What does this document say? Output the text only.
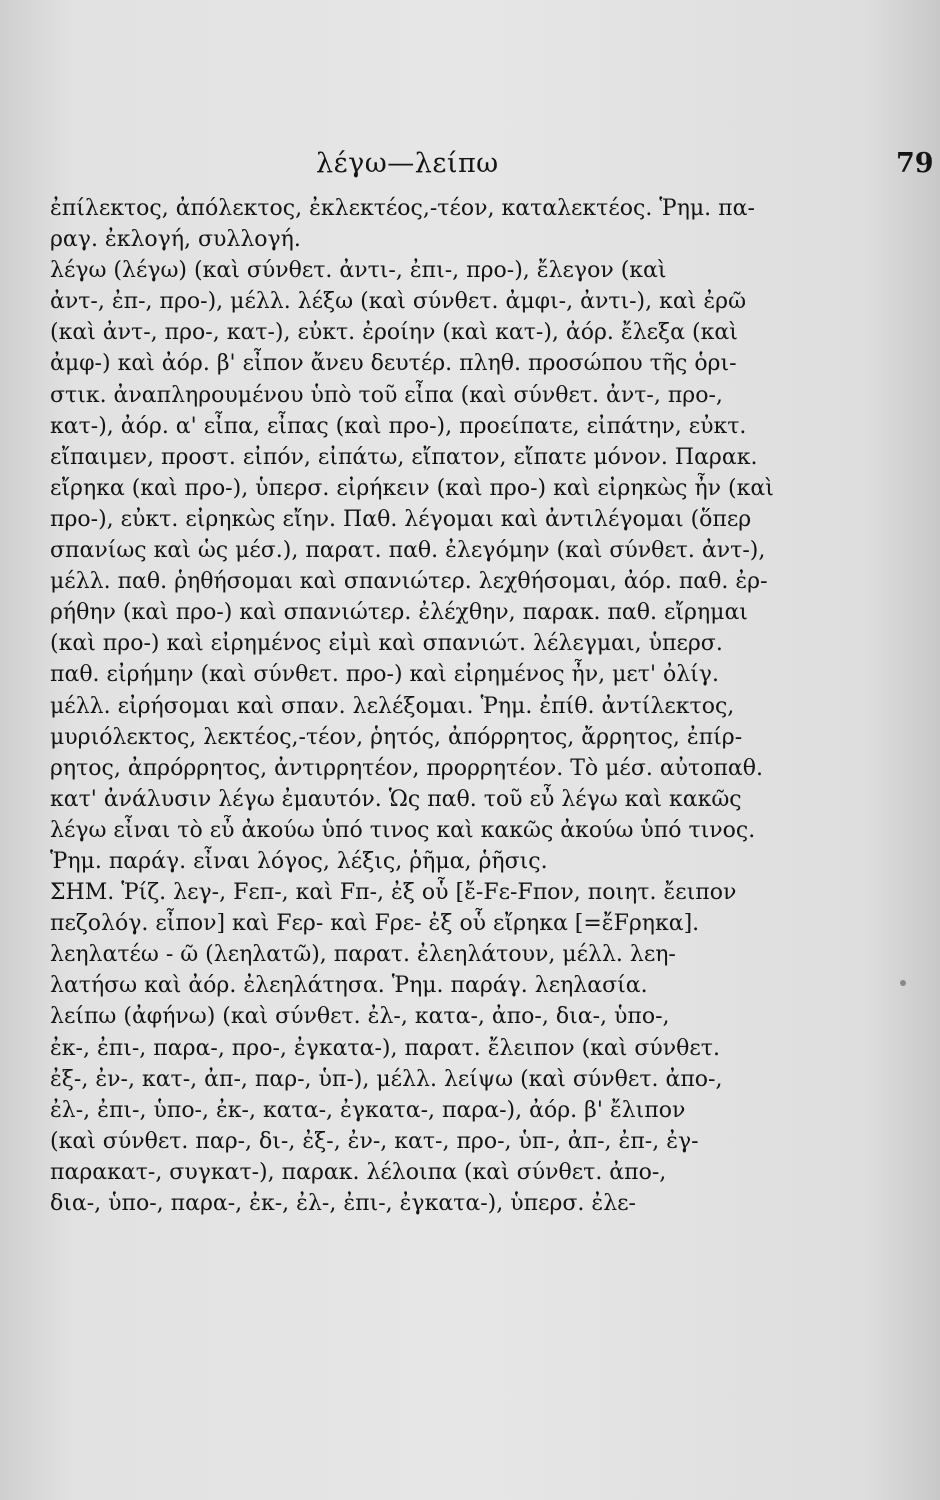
λέγω—λείπω	79
ἐπίλεκτος, ἀπόλεκτος, ἐκλεκτέος,-τέον, καταλεκτέος. Ῥημ. πα-
ραγ. ἐκλογή, συλλογή.
λέγω (λέγω) (καὶ σύνθετ. ἀντι-, ἐπι-, προ-), ἔλεγον (καὶ
ἀντ-, ἐπ-, προ-), μέλλ. λέξω (καὶ σύνθετ. ἀμφι-, ἀντι-), καὶ ἐρῶ
(καὶ ἀντ-, προ-, κατ-), εὐκτ. ἐροίην (καὶ κατ-), ἀόρ. ἔλεξα (καὶ
ἀμφ-) καὶ ἀόρ. β' εἶπον ἄνευ δευτέρ. πληθ. προσώπου τῆς ὁρι-
στικ. ἀναπληρουμένου ὑπὸ τοῦ εἶπα (καὶ σύνθετ. ἀντ-, προ-,
κατ-), ἀόρ. α' εἶπα, εἶπας (καὶ προ-), προείπατε, εἰπάτην, εὐκτ.
εἴπαιμεν, προστ. εἰπόν, εἰπάτω, εἴπατον, εἴπατε μόνον. Παρακ.
εἴρηκα (καὶ προ-), ὑπερσ. εἰρήκειν (καὶ προ-) καὶ εἰρηκὼς ἦν (καὶ
προ-), εὐκτ. εἰρηκὼς εἴην. Παθ. λέγομαι καὶ ἀντιλέγομαι (ὅπερ
σπανίως καὶ ὡς μέσ.), παρατ. παθ. ἐλεγόμην (καὶ σύνθετ. ἀντ-),
μέλλ. παθ. ῥηθήσομαι καὶ σπανιώτερ. λεχθήσομαι, ἀόρ. παθ. ἐρ-
ρήθην (καὶ προ-) καὶ σπανιώτερ. ἐλέχθην, παρακ. παθ. εἴρημαι
(καὶ προ-) καὶ εἰρημένος εἰμὶ καὶ σπανιώτ. λέλεγμαι, ὑπερσ.
παθ. εἰρήμην (καὶ σύνθετ. προ-) καὶ εἰρημένος ἦν, μετ' ὀλίγ.
μέλλ. εἰρήσομαι καὶ σπαν. λελέξομαι. Ῥημ. ἐπίθ. ἀντίλεκτος,
μυριόλεκτος, λεκτέος,-τέον, ῥητός, ἀπόρρητος, ἄρρητος, ἐπίρ-
ρητος, ἀπρόρρητος, ἀντιρρητέον, προρρητέον. Τὸ μέσ. αὐτοπαθ.
κατ' ἀνάλυσιν λέγω ἐμαυτόν. Ὡς παθ. τοῦ εὖ λέγω καὶ κακῶς
λέγω εἶναι τὸ εὖ ἀκούω ὑπό τινος καὶ κακῶς ἀκούω ὑπό τινος.
Ῥημ. παράγ. εἶναι λόγος, λέξις, ῥῆμα, ῥῆσις.
ΣΗΜ. Ῥίζ. λεγ-, Fεπ-, καὶ Fπ-, ἐξ οὗ [ἔ-Fε-Fπον, ποιητ. ἔειπον
πεζολόγ. εἶπον] καὶ Fερ- καὶ Fρε- ἐξ οὗ εἴρηκα [=ἔFρηκα].
λεηλατέω - ῶ (λεηλατῶ), παρατ. ἐλεηλάτουν, μέλλ. λεη-
λατήσω καὶ ἀόρ. ἐλεηλάτησα. Ῥημ. παράγ. λεηλασία.
λείπω (ἀφήνω) (καὶ σύνθετ. ἐλ-, κατα-, ἀπο-, δια-, ὑπο-,
ἐκ-, ἐπι-, παρα-, προ-, ἐγκατα-), παρατ. ἔλειπον (καὶ σύνθετ.
ἐξ-, ἐν-, κατ-, ἀπ-, παρ-, ὑπ-), μέλλ. λείψω (καὶ σύνθετ. ἀπο-,
ἐλ-, ἐπι-, ὑπο-, ἐκ-, κατα-, ἐγκατα-, παρα-), ἀόρ. β' ἔλιπον
(καὶ σύνθετ. παρ-, δι-, ἐξ-, ἐν-, κατ-, προ-, ὑπ-, ἀπ-, ἐπ-, ἐγ-
παρακατ-, συγκατ-), παρακ. λέλοιπα (καὶ σύνθετ. ἀπο-,
δια-, ὑπο-, παρα-, ἐκ-, ἐλ-, ἐπι-, ἐγκατα-), ὑπερσ. ἐλε-
